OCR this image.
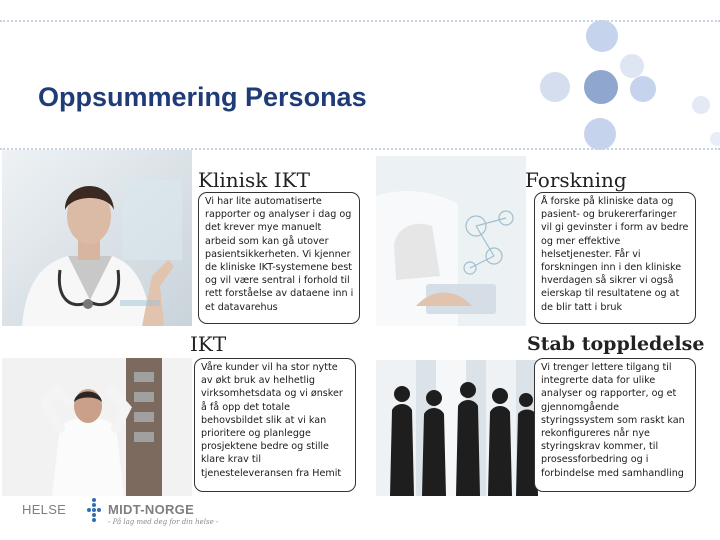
Oppsummering Personas
Klinisk IKT	Forskning
IKT	Stab toppledelse

Vi har lite automatiserte
rapporter og analyser i dag og
det krever mye manuelt
arbeid som kan gå utover
pasientsikkerheten. Vi kjenner
de kliniske IKT-systemene best
og vil være sentral i forhold til
rett forståelse av dataene inn i
et datavarehus

Å forske på kliniske data og
pasient- og brukererfaringer
vil gi gevinster i form av bedre
og mer effektive
helsetjenester. Får vi
forskningen inn i den kliniske
hverdagen så sikrer vi også
eierskap til resultatene og at
de blir tatt i bruk

Våre kunder vil ha stor nytte
av økt bruk av helhetlig
virksomhetsdata og vi ønsker
å få opp det totale
behovsbildet slik at vi kan
prioritere og planlegge
prosjektene bedre og stille
klare krav til
tjenesteleveransen fra Hemit

Vi trenger lettere tilgang til
integrerte data for ulike
analyser og rapporter, og et
gjennomgående
styringssystem som raskt kan
rekonfigureres når nye
styringskrav kommer, til
prosessforbedring og i
forbindelse med samhandling

HELSE	MIDT-NORGE
- På lag med deg for din helse -
